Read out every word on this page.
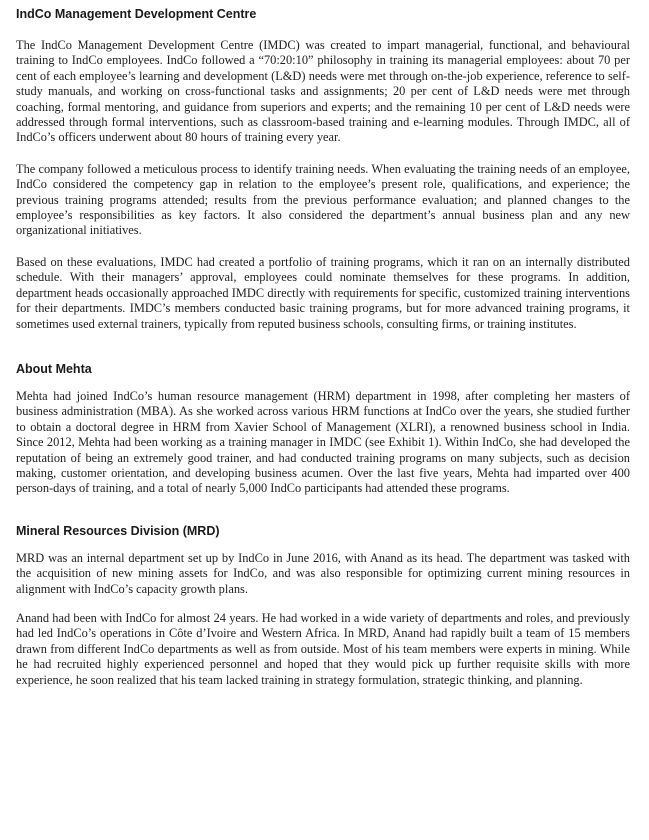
IndCo Management Development Centre

The IndCo Management Development Centre (IMDC) was created to impart managerial, functional, and behavioural training to IndCo employees. IndCo followed a “70:20:10” philosophy in training its managerial employees: about 70 per cent of each employee’s learning and development (L&D) needs were met through on-the-job experience, reference to self-study manuals, and working on cross-functional tasks and assignments; 20 per cent of L&D needs were met through coaching, formal mentoring, and guidance from superiors and experts; and the remaining 10 per cent of L&D needs were addressed through formal interventions, such as classroom-based training and e-learning modules. Through IMDC, all of IndCo’s officers underwent about 80 hours of training every year.

The company followed a meticulous process to identify training needs. When evaluating the training needs of an employee, IndCo considered the competency gap in relation to the employee’s present role, qualifications, and experience; the previous training programs attended; results from the previous performance evaluation; and planned changes to the employee’s responsibilities as key factors. It also considered the department’s annual business plan and any new organizational initiatives.

Based on these evaluations, IMDC had created a portfolio of training programs, which it ran on an internally distributed schedule. With their managers’ approval, employees could nominate themselves for these programs. In addition, department heads occasionally approached IMDC directly with requirements for specific, customized training interventions for their departments. IMDC’s members conducted basic training programs, but for more advanced training programs, it sometimes used external trainers, typically from reputed business schools, consulting firms, or training institutes.

About Mehta

Mehta had joined IndCo’s human resource management (HRM) department in 1998, after completing her masters of business administration (MBA). As she worked across various HRM functions at IndCo over the years, she studied further to obtain a doctoral degree in HRM from Xavier School of Management (XLRI), a renowned business school in India. Since 2012, Mehta had been working as a training manager in IMDC (see Exhibit 1). Within IndCo, she had developed the reputation of being an extremely good trainer, and had conducted training programs on many subjects, such as decision making, customer orientation, and developing business acumen. Over the last five years, Mehta had imparted over 400 person-days of training, and a total of nearly 5,000 IndCo participants had attended these programs.

Mineral Resources Division (MRD)

MRD was an internal department set up by IndCo in June 2016, with Anand as its head. The department was tasked with the acquisition of new mining assets for IndCo, and was also responsible for optimizing current mining resources in alignment with IndCo’s capacity growth plans.

Anand had been with IndCo for almost 24 years. He had worked in a wide variety of departments and roles, and previously had led IndCo’s operations in Côte d’Ivoire and Western Africa. In MRD, Anand had rapidly built a team of 15 members drawn from different IndCo departments as well as from outside. Most of his team members were experts in mining. While he had recruited highly experienced personnel and hoped that they would pick up further requisite skills with more experience, he soon realized that his team lacked training in strategy formulation, strategic thinking, and planning.
